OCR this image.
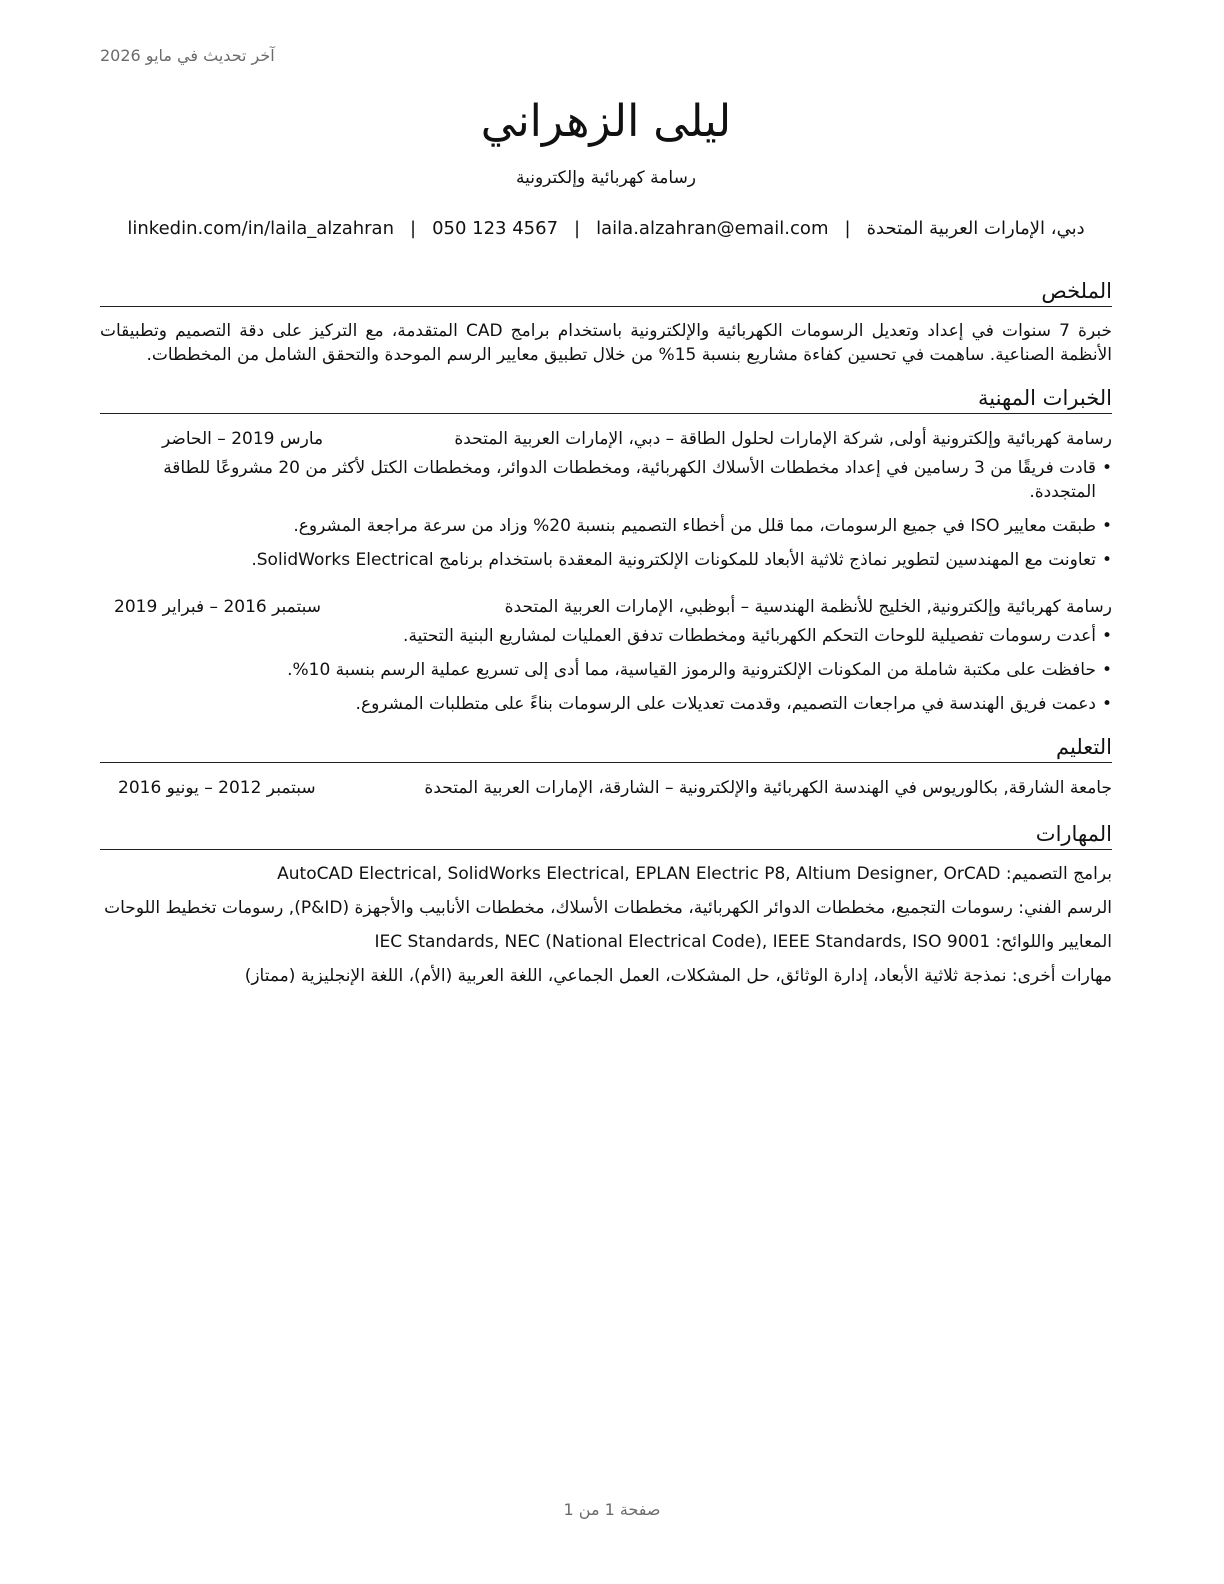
آخر تحديث في مايو 2026
ليلى الزهراني
رسامة كهربائية وإلكترونية
دبي، الإمارات العربية المتحدة
|
laila.alzahran@email.com
|
050 123 4567
|
linkedin.com/in/laila_alzahran
الملخص

خبرة 7 سنوات في إعداد وتعديل الرسومات الكهربائية والإلكترونية باستخدام برامج CAD المتقدمة، مع التركيز على دقة التصميم وتطبيقات الأنظمة الصناعية. ساهمت في تحسين كفاءة مشاريع بنسبة 15% من خلال تطبيق معايير الرسم الموحدة والتحقق الشامل من المخططات.

الخبرات المهنية
رسامة كهربائية وإلكترونية أولى, شركة الإمارات لحلول الطاقة – دبي، الإمارات العربية المتحدة
مارس 2019 – الحاضر
•
قادت فريقًا من 3 رسامين في إعداد مخططات الأسلاك الكهربائية، ومخططات الدوائر، ومخططات الكتل لأكثر من 20 مشروعًا للطاقة المتجددة.
•
طبقت معايير ISO في جميع الرسومات، مما قلل من أخطاء التصميم بنسبة 20% وزاد من سرعة مراجعة المشروع.
•
تعاونت مع المهندسين لتطوير نماذج ثلاثية الأبعاد للمكونات الإلكترونية المعقدة باستخدام برنامج SolidWorks Electrical.
رسامة كهربائية وإلكترونية, الخليج للأنظمة الهندسية – أبوظبي، الإمارات العربية المتحدة
سبتمبر 2016 – فبراير 2019
•
أعدت رسومات تفصيلية للوحات التحكم الكهربائية ومخططات تدفق العمليات لمشاريع البنية التحتية.
•
حافظت على مكتبة شاملة من المكونات الإلكترونية والرموز القياسية، مما أدى إلى تسريع عملية الرسم بنسبة 10%.
•
دعمت فريق الهندسة في مراجعات التصميم، وقدمت تعديلات على الرسومات بناءً على متطلبات المشروع.
التعليم
جامعة الشارقة, بكالوريوس في الهندسة الكهربائية والإلكترونية – الشارقة، الإمارات العربية المتحدة
سبتمبر 2012 – يونيو 2016
المهارات

برامج التصميم: AutoCAD Electrical, SolidWorks Electrical, EPLAN Electric P8, Altium Designer, OrCAD

الرسم الفني: رسومات التجميع، مخططات الدوائر الكهربائية، مخططات الأسلاك، مخططات الأنابيب والأجهزة (P&ID), رسومات تخطيط اللوحات

المعايير واللوائح: IEC Standards, NEC (National Electrical Code), IEEE Standards, ISO 9001

مهارات أخرى: نمذجة ثلاثية الأبعاد، إدارة الوثائق، حل المشكلات، العمل الجماعي، اللغة العربية (الأم)، اللغة الإنجليزية (ممتاز)

صفحة 1 من 1
